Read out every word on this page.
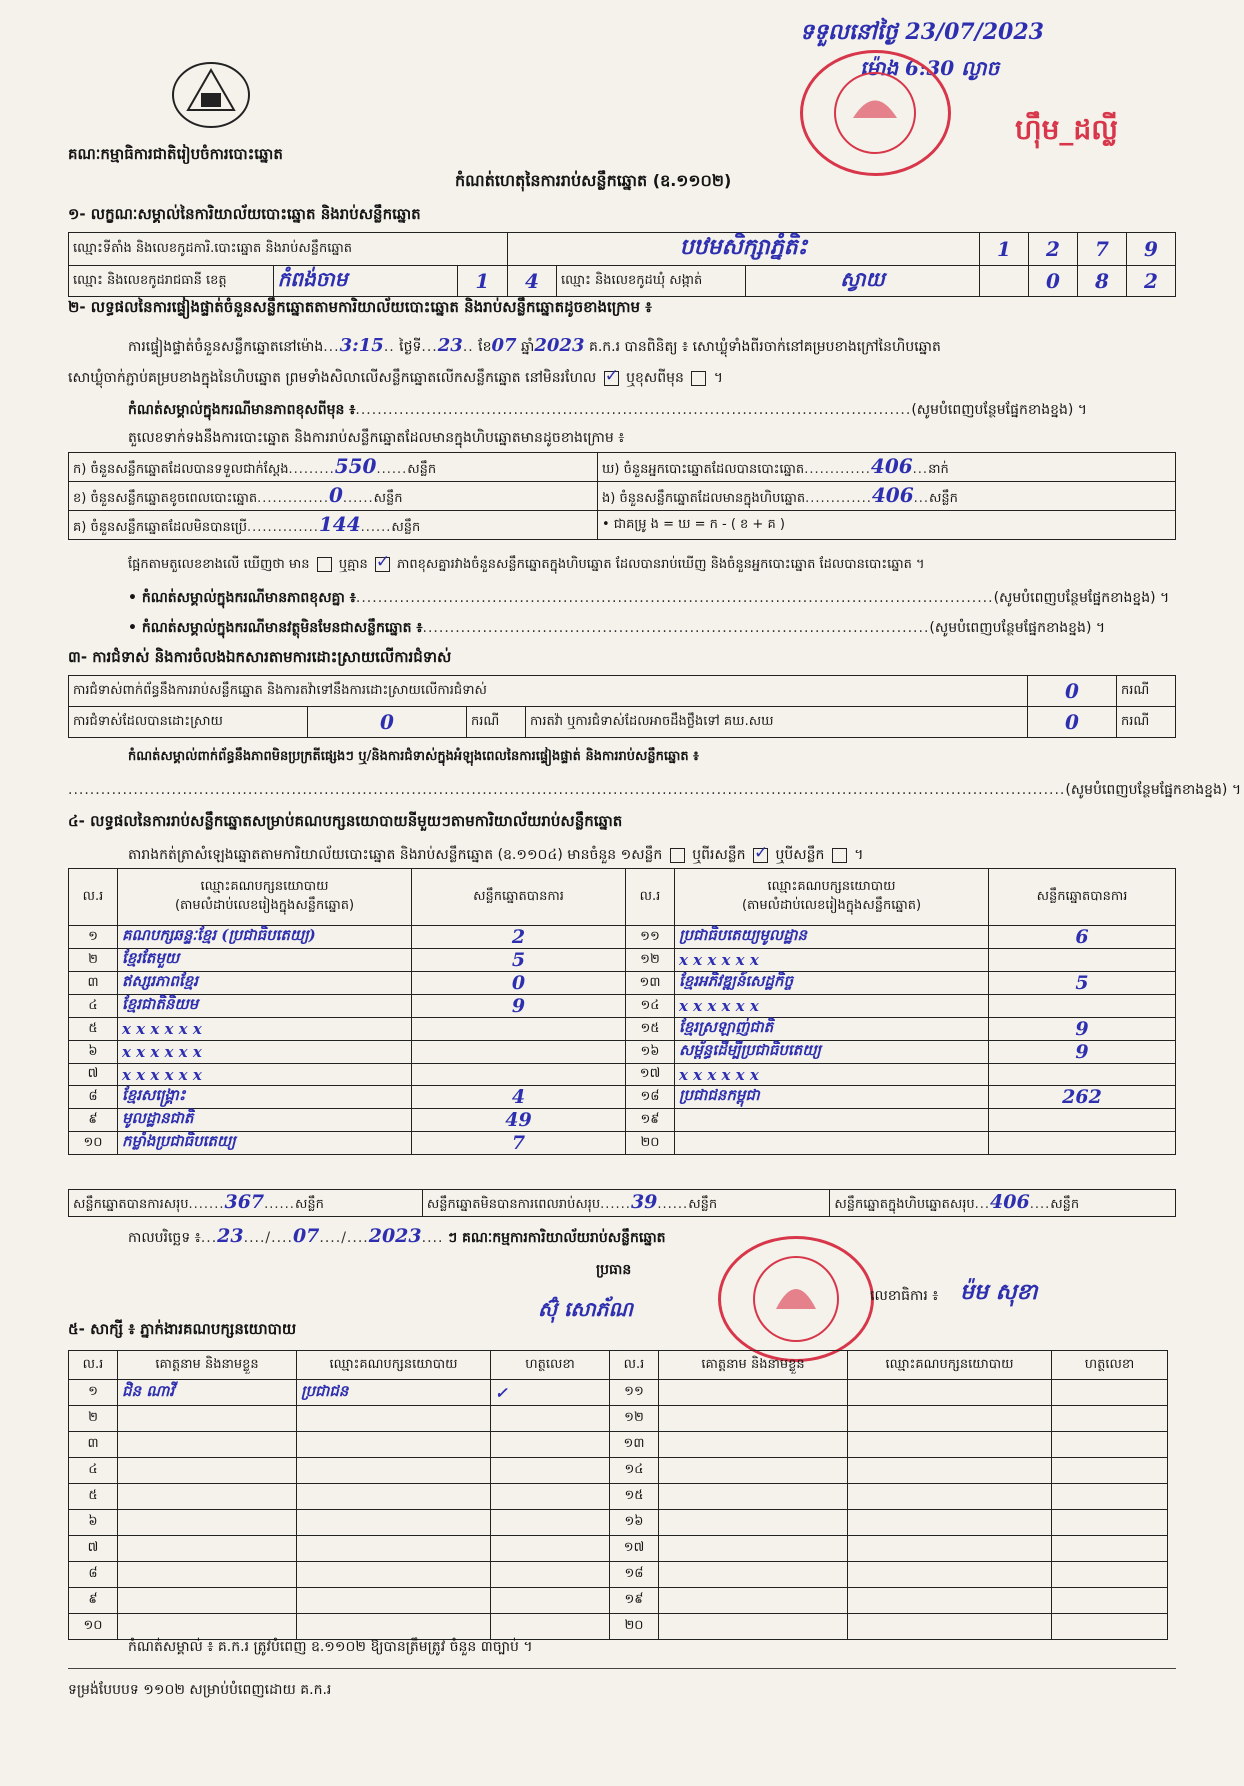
ទទួលនៅថ្ងៃ 23/07/2023
ម៉ោង 6:30 ល្ងាច
ហ៊ឹម_ដល្លី
គណៈកម្មាធិការជាតិរៀបចំការបោះឆ្នោត
កំណត់ហេតុនៃការរាប់សន្លឹកឆ្នោត (ឧ.១១០២)
១- លក្ខណៈសម្គាល់នៃការិយាល័យបោះឆ្នោត និងរាប់សន្លឹកឆ្នោត
ឈ្មោះទីតាំង និងលេខកូដការិ.បោះឆ្នោត និងរាប់សន្លឹកឆ្នោត			បឋមសិក្សាភ្នំតិះ			1	2	7	9
ឈ្មោះ និងលេខកូដរាជធានី ខេត្ត	កំពង់ចាម	1	4	ឈ្មោះ និងលេខកូដឃុំ សង្កាត់	ស្វាយ		0	8	2
២- លទ្ធផលនៃការផ្ទៀងផ្ទាត់ចំនួនសន្លឹកឆ្នោតតាមការិយាល័យបោះឆ្នោត និងរាប់សន្លឹកឆ្នោតដូចខាងក្រោម ៖
ការផ្ទៀងផ្ទាត់ចំនួនសន្លឹកឆ្នោតនៅម៉ោង...3:15.. ថ្ងៃទី...23.. ខែ07 ឆ្នាំ2023 គ.ក.រ បានពិនិត្យ ៖ សោឃ្លុំទាំងពីរចាក់នៅគម្របខាងក្រៅនៃហិបឆ្នោត
សោឃ្លុំចាក់ភ្ជាប់គម្របខាងក្នុងនៃហិបឆ្នោត ព្រមទាំងសិលាលើសន្លឹកឆ្នោតលើកសន្លឹកឆ្នោត នៅមិនរហែល ✓ ឬខុសពីមុន  ។
កំណត់សម្គាល់ក្នុងករណីមានភាពខុសពីមុន ៖......................................................................................................(សូមបំពេញបន្ថែមផ្នែកខាងខ្នង) ។
តួលេខទាក់ទងនឹងការបោះឆ្នោត និងការរាប់សន្លឹកឆ្នោតដែលមានក្នុងហិបឆ្នោតមានដូចខាងក្រោម ៖
ក) ចំនួនសន្លឹកឆ្នោតដែលបានទទួលជាក់ស្តែង.........550......សន្លឹក	ឃ) ចំនួនអ្នកបោះឆ្នោតដែលបានបោះឆ្នោត.............406...នាក់
ខ) ចំនួនសន្លឹកឆ្នោតខូចពេលបោះឆ្នោត..............0......សន្លឹក	ង) ចំនួនសន្លឹកឆ្នោតដែលមានក្នុងហិបឆ្នោត.............406...សន្លឹក
គ) ចំនួនសន្លឹកឆ្នោតដែលមិនបានប្រើ..............144......សន្លឹក	• ជាគម្រូ ង = ឃ = ក - ( ខ + គ )
ផ្អែកតាមតួលេខខាងលើ ឃើញថា មាន ឬគ្មាន ✓ ភាពខុសគ្នារវាងចំនួនសន្លឹកឆ្នោតក្នុងហិបឆ្នោត ដែលបានរាប់ឃើញ និងចំនួនអ្នកបោះឆ្នោត ដែលបានបោះឆ្នោត ។
• កំណត់សម្គាល់ក្នុងករណីមានភាពខុសគ្នា ៖.....................................................................................................................(សូមបំពេញបន្ថែមផ្នែកខាងខ្នង) ។
• កំណត់សម្គាល់ក្នុងករណីមានវត្ថុមិនមែនជាសន្លឹកឆ្នោត ៖.............................................................................................(សូមបំពេញបន្ថែមផ្នែកខាងខ្នង) ។
៣- ការជំទាស់ និងការចំលងឯកសារតាមការដោះស្រាយលើការជំទាស់
ការជំទាស់ពាក់ព័ន្ធនឹងការរាប់សន្លឹកឆ្នោត និងការតវ៉ាទៅនឹងការដោះស្រាយលើការជំទាស់				0	ករណី
ការជំទាស់ដែលបានដោះស្រាយ	0	ករណី	ការតវ៉ា ឬការជំទាស់ដែលអាចដឹងថ្លឹងទៅ គឃ.សឃ	0	ករណី
កំណត់សម្គាល់ពាក់ព័ន្ធនឹងភាពមិនប្រក្រតីផ្សេងៗ ឬ/និងការជំទាស់ក្នុងអំឡុងពេលនៃការផ្ទៀងផ្ទាត់ និងការរាប់សន្លឹកឆ្នោត ៖
.......................................................................................................................................................................................(សូមបំពេញបន្ថែមផ្នែកខាងខ្នង) ។
៤- លទ្ធផលនៃការរាប់សន្លឹកឆ្នោតសម្រាប់គណបក្សនយោបាយនីមួយៗតាមការិយាល័យរាប់សន្លឹកឆ្នោត
តារាងកត់ត្រាសំឡេងឆ្នោតតាមការិយាល័យបោះឆ្នោត និងរាប់សន្លឹកឆ្នោត (ឧ.១១០៤) មានចំនួន ១សន្លឹក ឬពីរសន្លឹក ✓ ឬបីសន្លឹក  ។
ល.រ	ឈ្មោះគណបក្សនយោបាយ
(តាមលំដាប់លេខរៀងក្នុងសន្លឹកឆ្នោត)	សន្លឹកឆ្នោតបានការ	ល.រ	ឈ្មោះគណបក្សនយោបាយ
(តាមលំដាប់លេខរៀងក្នុងសន្លឹកឆ្នោត)	សន្លឹកឆ្នោតបានការ
១	គណបក្សឆន្ទៈខ្មែរ (ប្រជាធិបតេយ្យ)	2	១១	ប្រជាធិបតេយ្យមូលដ្ឋាន	6
២	ខ្មែរតែមួយ	5	១២	x x x x x x	
៣	ឥស្សរភាពខ្មែរ	0	១៣	ខ្មែរអភិវឌ្ឍន៍សេដ្ឋកិច្ច	5
៤	ខ្មែរជាតិនិយម	9	១៤	x x x x x x	
៥	x x x x x x		១៥	ខ្មែរស្រឡាញ់ជាតិ	9
៦	x x x x x x		១៦	សម្ព័ន្ធដើម្បីប្រជាធិបតេយ្យ	9
៧	x x x x x x		១៧	x x x x x x	
៨	ខ្មែរសង្គ្រោះ	4	១៨	ប្រជាជនកម្ពុជា	262
៩	មូលដ្ឋានជាតិ	49	១៩		
១០	កម្លាំងប្រជាធិបតេយ្យ	7	២០		
សន្លឹកឆ្នោតបានការសរុប.......367......សន្លឹក	សន្លឹកឆ្នោតមិនបានការពេលរាប់សរុប......39......សន្លឹក	សន្លឹកឆ្នោតក្នុងហិបឆ្នោតសរុប...406....សន្លឹក
កាលបរិច្ឆេទ ៖...23..../....07..../....2023.... ៗ គណៈកម្មការការិយាល័យរាប់សន្លឹកឆ្នោត
ប្រធាន
ស៊ុំ សោភ័ណ
លេខាធិការ ៖ ម៉ម សុខា
៥- សាក្សី ៖ ភ្នាក់ងារគណបក្សនយោបាយ
ល.រ	គោត្តនាម និងនាមខ្លួន	ឈ្មោះគណបក្សនយោបាយ	ហត្ថលេខា	ល.រ	គោត្តនាម និងនាមខ្លួន	ឈ្មោះគណបក្សនយោបាយ	ហត្ថលេខា
១	ជិន ណាវី	ប្រជាជន	✓	១១			
២				១២			
៣				១៣			
៤				១៤			
៥				១៥			
៦				១៦			
៧				១៧			
៨				១៨			
៩				១៩			
១០				២០			
កំណត់សម្គាល់ ៖ គ.ក.រ ត្រូវបំពេញ ឧ.១១០២ ឱ្យបានត្រឹមត្រូវ ចំនួន ៣ច្បាប់ ។
ទម្រង់បែបបទ ១១០២ សម្រាប់បំពេញដោយ គ.ក.រ
